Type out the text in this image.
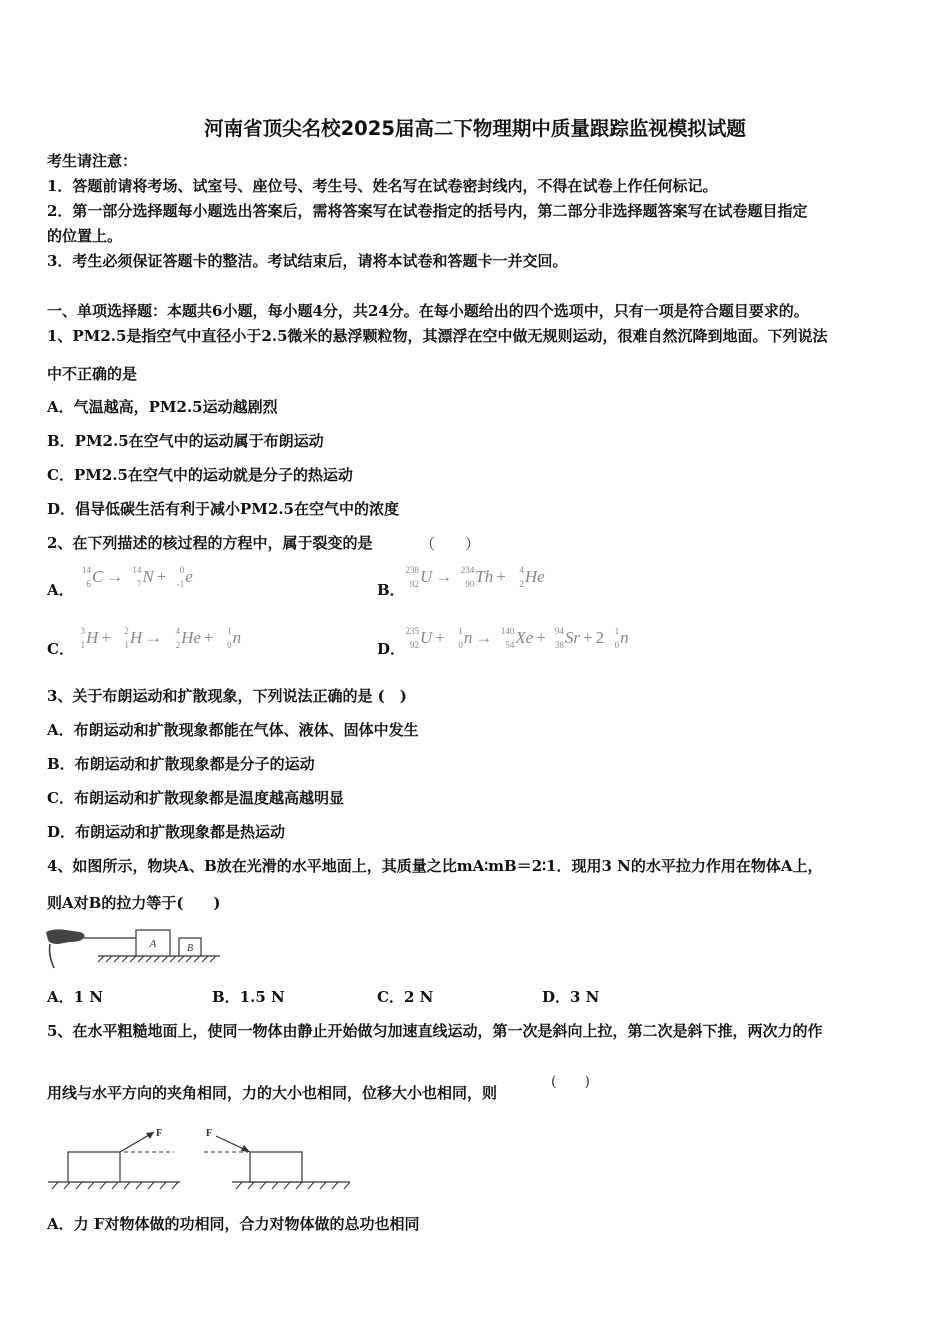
河南省顶尖名校2025届高二下物理期中质量跟踪监视模拟试题
考生请注意：
1．答题前请将考场、试室号、座位号、考生号、姓名写在试卷密封线内，不得在试卷上作任何标记。
2．第一部分选择题每小题选出答案后，需将答案写在试卷指定的括号内，第二部分非选择题答案写在试卷题目指定
的位置上。
3．考生必须保证答题卡的整洁。考试结束后，请将本试卷和答题卡一并交回。
一、单项选择题：本题共6小题，每小题4分，共24分。在每小题给出的四个选项中，只有一项是符合题目要求的。
1、PM2.5是指空气中直径小于2.5微米的悬浮颗粒物，其漂浮在空中做无规则运动，很难自然沉降到地面。下列说法
中不正确的是
A．气温越高，PM2.5运动越剧烈
B．PM2.5在空气中的运动属于布朗运动
C．PM2.5在空气中的运动就是分子的热运动
D．倡导低碳生活有利于减小PM2.5在空气中的浓度
2、在下列描述的核过程的方程中，属于裂变的是	（　　）
A．
14
6 C → 14
7 N + 0
-1 e
B．
238
92 U → 234
90 Th + 4
2 He
C．
3
1 H + 2
1 H → 4
2 He + 1
0 n
D．
235
92 U + 1
0 n → 140
54 Xe + 94
38 Sr + 2 1
0 n
3、关于布朗运动和扩散现象，下列说法正确的是 (　)
A．布朗运动和扩散现象都能在气体、液体、固体中发生
B．布朗运动和扩散现象都是分子的运动
C．布朗运动和扩散现象都是温度越高越明显
D．布朗运动和扩散现象都是热运动
4、如图所示，物块A、B放在光滑的水平地面上，其质量之比mA∶mB＝2∶1．现用3 N的水平拉力作用在物体A上，
则A对B的拉力等于(　　)
A	B
A．1 N	B．1.5 N	C．2 N	D．3 N
5、在水平粗糙地面上，使同一物体由静止开始做匀加速直线运动，第一次是斜向上拉，第二次是斜下推，两次力的作
用线与水平方向的夹角相同，力的大小也相同，位移大小也相同，则
(　　)
F	F
A．力 F对物体做的功相同，合力对物体做的总功也相同
